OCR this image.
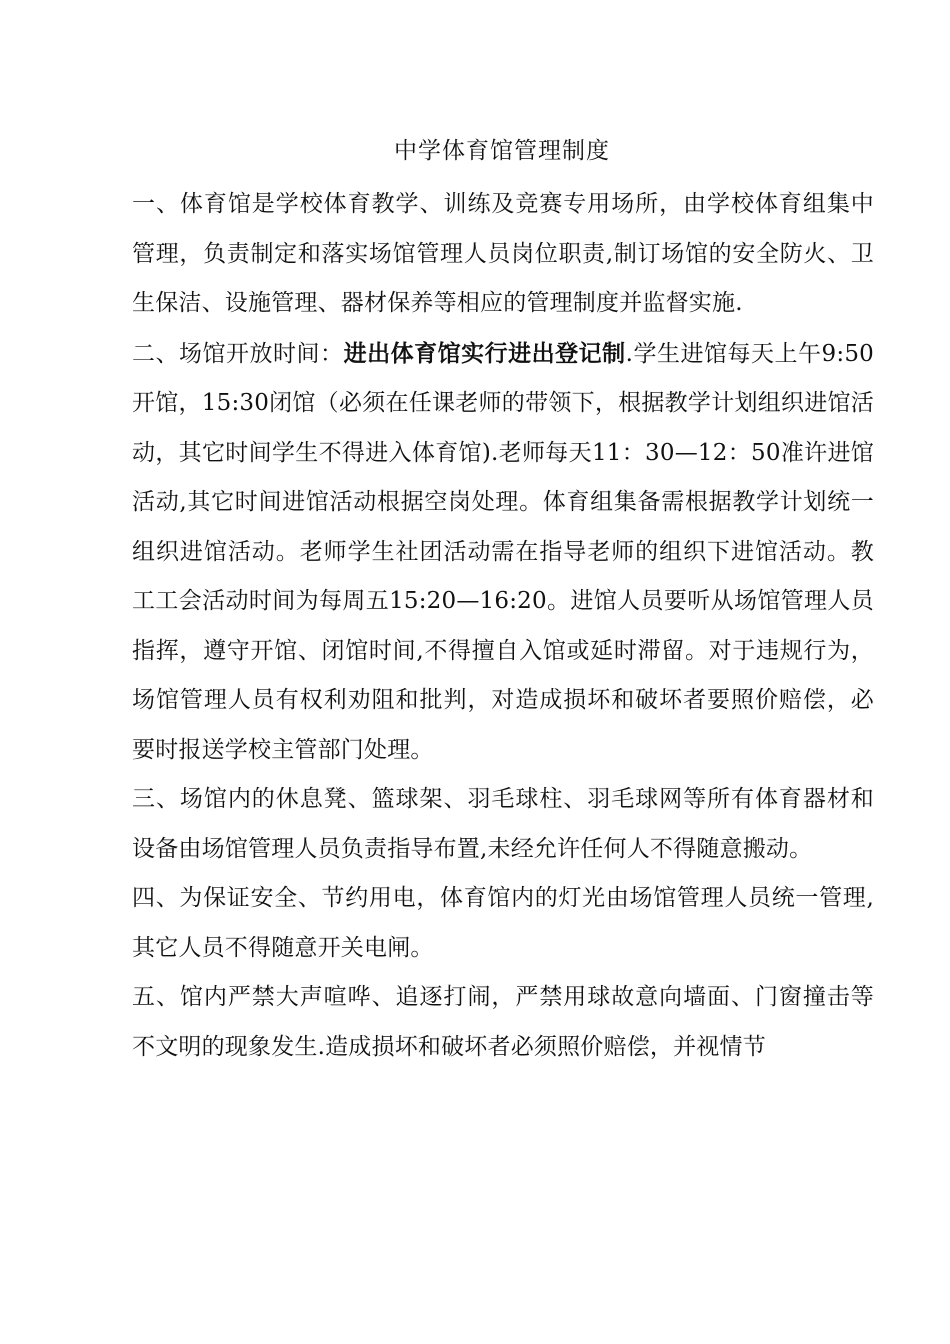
中学体育馆管理制度

一、体育馆是学校体育教学、训练及竞赛专用场所，由学校体育组集中管理，负责制定和落实场馆管理人员岗位职责,制订场馆的安全防火、卫生保洁、设施管理、器材保养等相应的管理制度并监督实施.

二、场馆开放时间：进出体育馆实行进出登记制.学生进馆每天上午9:50开馆，15:30闭馆（必须在任课老师的带领下，根据教学计划组织进馆活动，其它时间学生不得进入体育馆).老师每天11：30—12：50准许进馆活动,其它时间进馆活动根据空岗处理。体育组集备需根据教学计划统一组织进馆活动。老师学生社团活动需在指导老师的组织下进馆活动。教工工会活动时间为每周五15:20—16:20。进馆人员要听从场馆管理人员指挥，遵守开馆、闭馆时间,不得擅自入馆或延时滞留。对于违规行为，场馆管理人员有权利劝阻和批判，对造成损坏和破坏者要照价赔偿，必要时报送学校主管部门处理。

三、场馆内的休息凳、篮球架、羽毛球柱、羽毛球网等所有体育器材和设备由场馆管理人员负责指导布置,未经允许任何人不得随意搬动。

四、为保证安全、节约用电，体育馆内的灯光由场馆管理人员统一管理,其它人员不得随意开关电闸。

五、馆内严禁大声喧哗、追逐打闹，严禁用球故意向墙面、门窗撞击等不文明的现象发生.造成损坏和破坏者必须照价赔偿，并视情节
